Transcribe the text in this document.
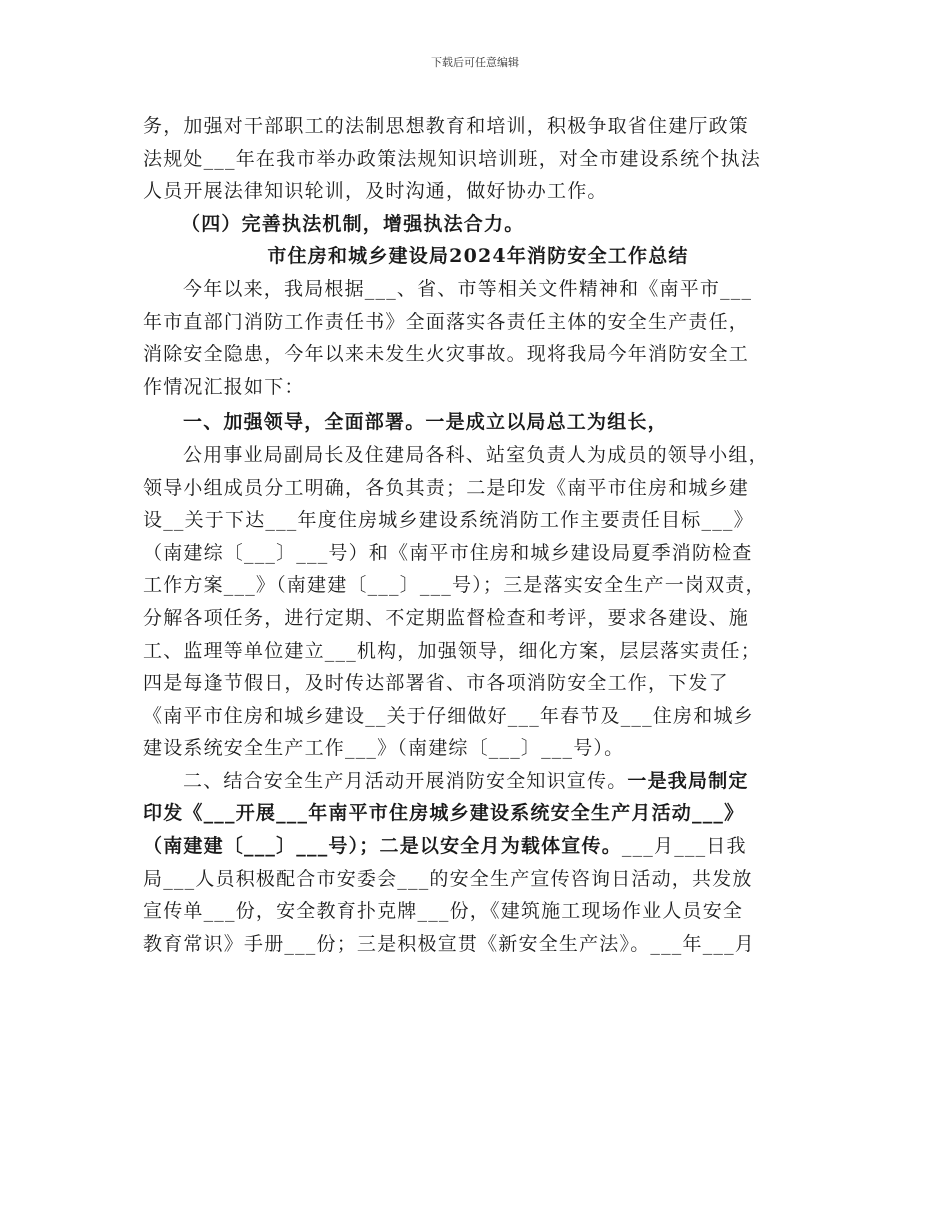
下载后可任意编辑

务，加强对干部职工的法制思想教育和培训，积极争取省住建厅政策

法规处___年在我市举办政策法规知识培训班，对全市建设系统个执法

人员开展法律知识轮训，及时沟通，做好协办工作。

（四）完善执法机制，增强执法合力。

市住房和城乡建设局2024年消防安全工作总结

今年以来，我局根据___、省、市等相关文件精神和《南平市___

年市直部门消防工作责任书》全面落实各责任主体的安全生产责任，

消除安全隐患，今年以来未发生火灾事故。现将我局今年消防安全工

作情况汇报如下：

一、加强领导，全面部署。一是成立以局总工为组长，

公用事业局副局长及住建局各科、站室负责人为成员的领导小组，

领导小组成员分工明确，各负其责；二是印发《南平市住房和城乡建

设__关于下达___年度住房城乡建设系统消防工作主要责任目标___》

（南建综〔___〕___号）和《南平市住房和城乡建设局夏季消防检查

工作方案___》（南建建〔___〕___号）；三是落实安全生产一岗双责，

分解各项任务，进行定期、不定期监督检查和考评，要求各建设、施

工、监理等单位建立___机构，加强领导，细化方案，层层落实责任；

四是每逢节假日，及时传达部署省、市各项消防安全工作，下发了

《南平市住房和城乡建设__关于仔细做好___年春节及___住房和城乡

建设系统安全生产工作___》（南建综〔___〕___号）。

二、结合安全生产月活动开展消防安全知识宣传。一是我局制定

印发《___开展___年南平市住房城乡建设系统安全生产月活动___》

（南建建〔___〕___号）；二是以安全月为载体宣传。___月___日我

局___人员积极配合市安委会___的安全生产宣传咨询日活动，共发放

宣传单___份，安全教育扑克牌___份，《建筑施工现场作业人员安全

教育常识》手册___份；三是积极宣贯《新安全生产法》。___年___月
